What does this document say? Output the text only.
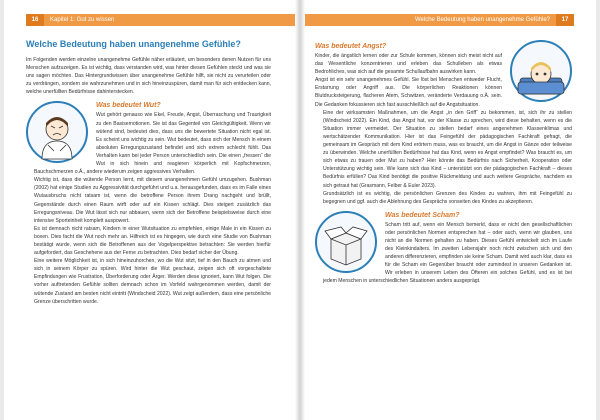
16 Kapitel 1: Gut zu wissen
Welche Bedeutung haben unangenehme Gefühle?

Im Folgenden werden einzelne unangenehme Gefühle näher erläutert, um besonders denen Nutzen für uns Menschen aufzuzeigen. Es ist wichtig, dass verstanden wird, was hinter diesen Gefühlen steckt und was sie uns sagen möchten. Das Hintergrundwissen über unangenehme Gefühle hilft, sie nicht zu verurteilen oder zu verdrängen, sondern sie wahrzunehmen und in sich hineinzuspüren, damit man für sich entdecken kann, welche unerfüllten Bedürfnisse dahinterstecken.

Was bedeutet Wut?

Wut gehört genauso wie Ekel, Freude, Angst, Überraschung und Traurigkeit zu den Basisemotionen. Sie ist das Gegenteil von Gleichgültigkeit. Wenn wir wütend sind, bedeutet dies, dass uns die bewertete Situation nicht egal ist. Es scheint uns wichtig zu sein. Wut bedeutet, dass sich der Mensch in einem absoluten Erregungszustand befindet und sich extrem schlecht fühlt. Das Verhalten kann bei jeder Person unterschiedlich sein. Die einen „fressen“ die Wut in sich hinein und reagieren körperlich mit Kopfschmerzen, Bauchschmerzen o.Ä., andere wiederum zeigen aggressives Verhalten.

Wichtig ist, dass die wütende Person lernt, mit diesem unangenehmen Gefühl umzugehen. Bushman (2002) hat einige Studien zu Aggressivität durchgeführt und u.a. herausgefunden, dass es im Falle eines Wutausbruchs nicht ratsam ist, wenn die betroffene Person ihrem Drang nachgeht und brüllt, Gegenstände durch einen Raum wirft oder auf ein Kissen schlägt. Dies steigert zusätzlich das Erregungsniveau. Die Wut lässt sich nur abbauen, wenn sich der Betroffene beispielsweise durch eine intensive Sporteinheit komplett auspowert.

Es ist demnach nicht ratsam, Kindern in einer Wutsituation zu empfehlen, einige Male in ein Kissen zu boxen. Dies facht die Wut noch mehr an. Hilfreich ist es hingegen, wie durch eine Studie von Bushman bestätigt wurde, wenn sich die Betroffenen aus der Vogelperspektive betrachten: Sie werden hierfür aufgefordert, das Geschehene aus der Ferne zu betrachten. Dies bedarf sicher der Übung.

Eine weitere Möglichkeit ist, in sich hineinzuhorchen, wo die Wut sitzt, tief in den Bauch zu atmen und sich in seinem Körper zu spüren. Wird hinter die Wut geschaut, zeigen sich oft vorgeschaltete Empfindungen wie Frustration, Überforderung oder Ärger. Werden diese ignoriert, kann Wut folgen. Die vorher auftretenden Gefühle sollten demnach schon im Vorfeld wahrgenommen werden, damit der wütende Zustand am besten nicht eintritt (Windscheid 2022). Wut zeigt außerdem, dass eine persönliche Grenze überschritten wurde.

Welche Bedeutung haben unangenehme Gefühle? 17
Was bedeutet Angst?

Kinder, die ängstlich lernen oder zur Schule kommen, können sich meist nicht auf das Wesentliche konzentrieren und erleben das Schulleben als etwas Bedrohliches, was sich auf die gesamte Schullaufbahn auswirken kann.

Angst ist ein sehr unangenehmes Gefühl. Sie löst bei Menschen entweder Flucht, Erstarrung oder Angriff aus. Die körperlichen Reaktionen können Blutdrucksteigerung, flacheren Atem, Schwitzen, veränderte Verdauung o.Ä. sein. Die Gedanken fokussieren sich fast ausschließlich auf die Angstsituation.

Eine der wirksamsten Maßnahmen, um die Angst „in den Griff“ zu bekommen, ist, sich ihr zu stellen (Windscheid 2022). Ein Kind, das Angst hat, vor der Klasse zu sprechen, wird diese behalten, wenn es die Situation immer vermeidet. Der Situation zu stellen bedarf eines angenehmen Klassenklimas und wertschätzender Kommunikation. Hier ist das Feingefühl der pädagogischen Fachkraft gefragt, die gemeinsam im Gespräch mit dem Kind erörtern muss, was es braucht, um die Angst in Gänze oder teilweise zu überwinden. Welche unerfüllten Bedürfnisse hat das Kind, wenn es Angst empfindet? Was braucht es, um sich etwas zu trauen oder Mut zu haben? Hier könnte das Bedürfnis nach Sicherheit, Kooperation oder Unterstützung wichtig sein. Wie kann sich das Kind – unterstützt von der pädagogischen Fachkraft – dieses Bedürfnis erfüllen? Das Kind benötigt die positive Rückmeldung und auch weitere Gespräche, nachdem es sich getraut hat (Grasmann, Felber & Euler 2023).

Grundsätzlich ist es wichtig, die persönlichen Grenzen des Kindes zu wahren, ihm mit Feingefühl zu begegnen und ggf. auch die Ablehnung des Gesprächs vonseiten des Kindes zu akzeptieren.

Was bedeutet Scham?

Scham tritt auf, wenn ein Mensch bemerkt, dass er nicht den gesellschaftlichen oder persönlichen Normen entsprechen hat – oder auch, wenn wir glauben, uns nicht an die Normen gehalten zu haben. Dieses Gefühl entwickelt sich im Laufe des Kleinkindalters. Im zweiten Lebensjahr noch nicht zwischen sich und den anderen differenzieren, empfinden sie keine Scham. Damit wird auch klar, dass es für die Scham ein Gegenüber braucht oder zumindest in unseren Gedanken ist. Wir erleben in unserem Leben des Öfteren ein solches Gefühl, und es ist bei jedem Menschen in unterschiedlichen Situationen anders ausgeprägt.
